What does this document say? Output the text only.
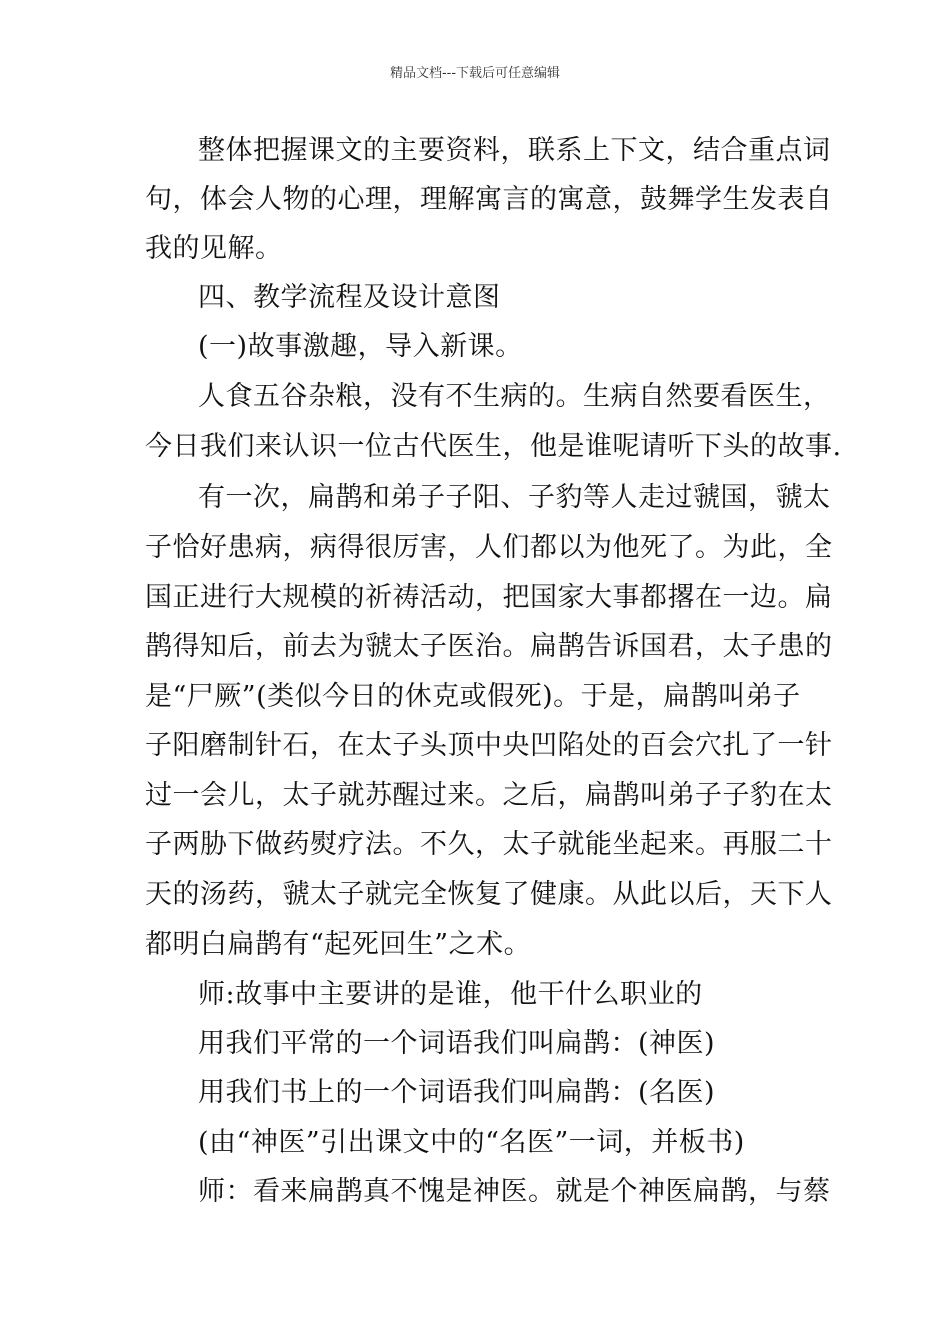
精品文档---下载后可任意编辑
整体把握课文的主要资料，联系上下文，结合重点词
句，体会人物的心理，理解寓言的寓意，鼓舞学生发表自
我的见解。
四、教学流程及设计意图
(一)故事激趣，导入新课。
人食五谷杂粮，没有不生病的。生病自然要看医生，
今日我们来认识一位古代医生，他是谁呢请听下头的故事.
有一次，扁鹊和弟子子阳、子豹等人走过虢国，虢太
子恰好患病，病得很厉害，人们都以为他死了。为此，全
国正进行大规模的祈祷活动，把国家大事都撂在一边。扁
鹊得知后，前去为虢太子医治。扁鹊告诉国君，太子患的
是“尸厥”(类似今日的休克或假死)。于是，扁鹊叫弟子
子阳磨制针石，在太子头顶中央凹陷处的百会穴扎了一针
过一会儿，太子就苏醒过来。之后，扁鹊叫弟子子豹在太
子两胁下做药熨疗法。不久，太子就能坐起来。再服二十
天的汤药，虢太子就完全恢复了健康。从此以后，天下人
都明白扁鹊有“起死回生”之术。
师:故事中主要讲的是谁，他干什么职业的
用我们平常的一个词语我们叫扁鹊：(神医)
用我们书上的一个词语我们叫扁鹊：(名医)
(由“神医”引出课文中的“名医”一词，并板书)
师：看来扁鹊真不愧是神医。就是个神医扁鹊，与蔡
